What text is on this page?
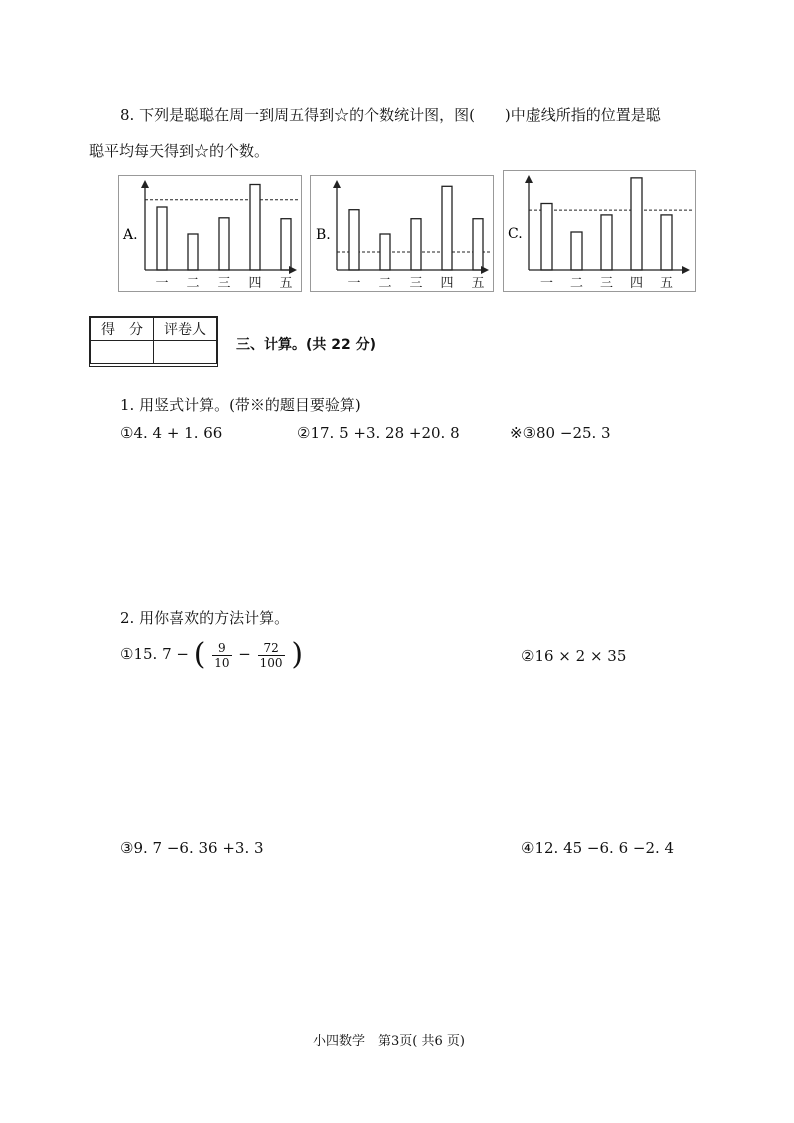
8. 下列是聪聪在周一到周五得到☆的个数统计图，图(　　)中虚线所指的位置是聪
聪平均每天得到☆的个数。
A.
一 二 三 四 五
B.
一 二 三 四 五
C.
一 二 三 四 五
得　分	评卷人

三、计算。(共 22 分)
1. 用竖式计算。(带※的题目要验算)
①4. 4 + 1. 66	②17. 5 +3. 28 +20. 8	※③80 −25. 3
2. 用你喜欢的方法计算。
①15. 7 − ( $\frac{9}{10} - \frac{72}{100}$ )	②16 × 2 × 35
③9. 7 −6. 36 +3. 3	④12. 45 −6. 6 −2. 4
小四数学　第3页( 共6 页)
